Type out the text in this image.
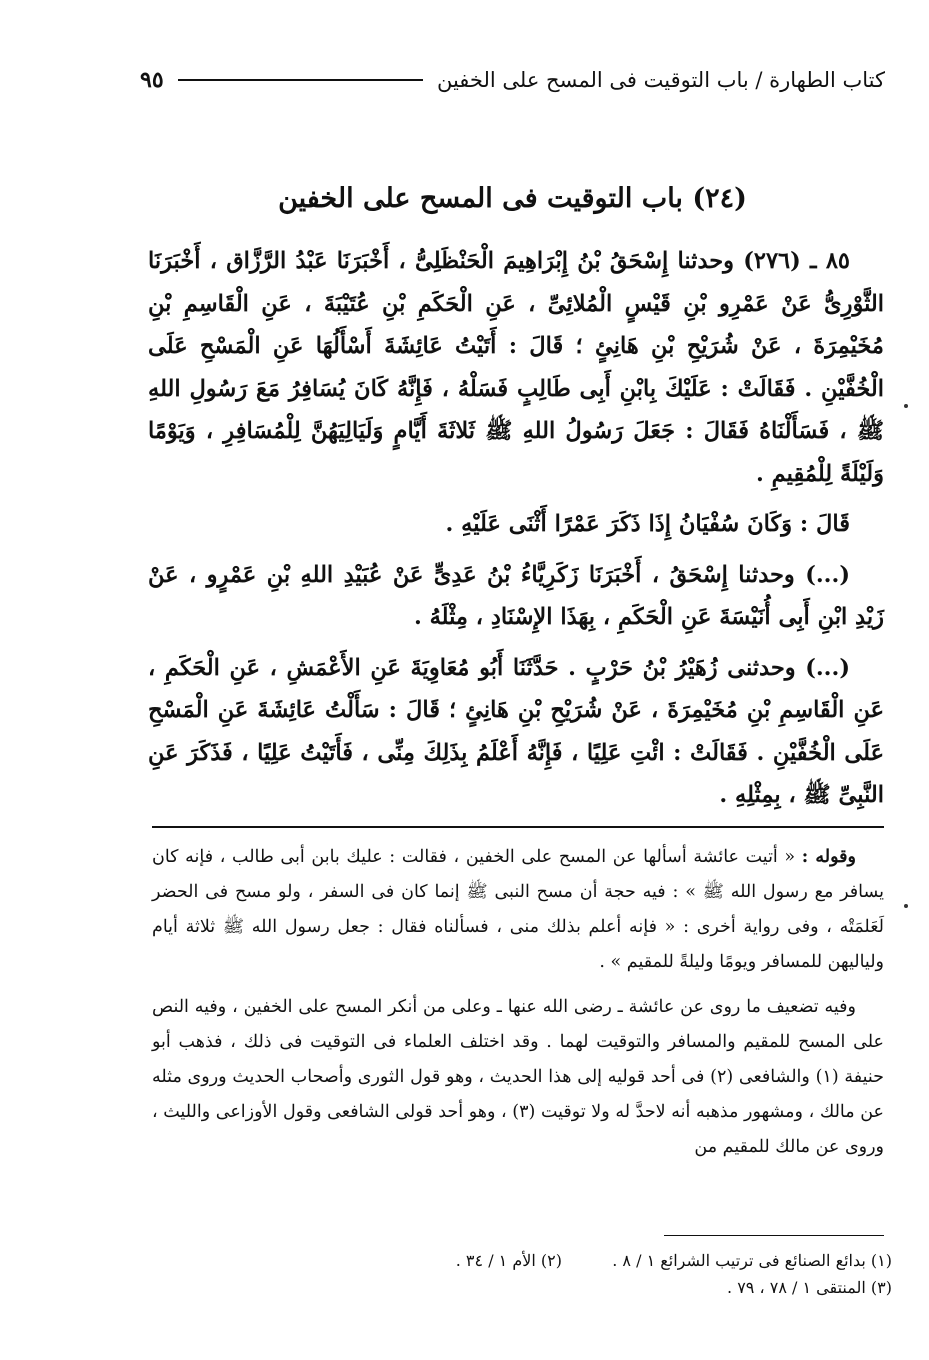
كتاب الطهارة / باب التوقيت فى المسح على الخفين
٩٥
(٢٤) باب التوقيت فى المسح على الخفين

٨٥ ـ (٢٧٦) وحدثنا إِسْحَقُ بْنُ إِبْرَاهِيمَ الْحَنْظَلِىُّ ، أَخْبَرَنَا عَبْدُ الرَّزَّاق ، أَخْبَرَنَا الثَّوْرِىُّ عَنْ عَمْرِو بْنِ قَيْسٍ الْمُلائِىِّ ، عَنِ الْحَكَمِ بْنِ عُتَيْبَةَ ، عَنِ الْقَاسِمِ بْنِ مُخَيْمِرَةَ ، عَنْ شُرَيْحِ بْنِ هَانِئٍ ؛ قَالَ : أَتَيْتُ عَائِشَةَ أَسْأَلُهَا عَنِ الْمَسْحِ عَلَى الْخُفَّيْنِ . فَقَالَتْ : عَلَيْكَ بِابْنِ أَبِى طَالِبٍ فَسَلْهُ ، فَإِنَّهُ كَانَ يُسَافِرُ مَعَ رَسُولِ اللهِ ﷺ ، فَسَأَلْنَاهُ فَقَالَ : جَعَلَ رَسُولُ اللهِ ﷺ ثَلاثَةَ أَيَّامٍ وَلَيَالِيَهُنَّ لِلْمُسَافِرِ ، وَيَوْمًا وَلَيْلَةً لِلْمُقِيمِ .

قَالَ : وَكَانَ سُفْيَانُ إِذَا ذَكَرَ عَمْرًا أَثْنَى عَلَيْهِ .

(...) وحدثنا إِسْحَقُ ، أَخْبَرَنَا زَكَرِيَّاءُ بْنُ عَدِىٍّ عَنْ عُبَيْدِ اللهِ بْنِ عَمْرٍو ، عَنْ زَيْدِ ابْنِ أَبِى أُنَيْسَةَ عَنِ الْحَكَمِ ، بِهَذَا الإِسْنَادِ ، مِثْلَهُ .

(...) وحدثنى زُهَيْرُ بْنُ حَرْبٍ . حَدَّثَنَا أَبُو مُعَاوِيَةَ عَنِ الأَعْمَشِ ، عَنِ الْحَكَمِ ، عَنِ الْقَاسِمِ بْنِ مُخَيْمِرَةَ ، عَنْ شُرَيْحِ بْنِ هَانِئٍ ؛ قَالَ : سَأَلْتُ عَائِشَةَ عَنِ الْمَسْحِ عَلَى الْخُفَّيْنِ . فَقَالَتْ : ائْتِ عَلِيًا ، فَإِنَّهُ أَعْلَمُ بِذَلِكَ مِنِّى ، فَأَتَيْتُ عَلِيًا ، فَذَكَرَ عَنِ النَّبِىِّ ﷺ ، بِمِثْلِهِ .

وقوله : « أتيت عائشة أسألها عن المسح على الخفين ، فقالت : عليك بابن أبى طالب ، فإنه كان يسافر مع رسول الله ﷺ » : فيه حجة أن مسح النبى ﷺ إنما كان فى السفر ، ولو مسح فى الحضر لَعَلمَتْه ، وفى رواية أخرى : « فإنه أعلم بذلك منى ، فسألناه فقال : جعل رسول الله ﷺ ثلاثة أيام ولياليهن للمسافر ويومًا وليلةً للمقيم » .

وفيه تضعيف ما روى عن عائشة ـ رضى الله عنها ـ وعلى من أنكر المسح على الخفين ، وفيه النص على المسح للمقيم والمسافر والتوقيت لهما . وقد اختلف العلماء فى التوقيت فى ذلك ، فذهب أبو حنيفة (١) والشافعى (٢) فى أحد قوليه إلى هذا الحديث ، وهو قول الثورى وأصحاب الحديث وروى مثله عن مالك ، ومشهور مذهبه أنه لاحدَّ له ولا توقيت (٣) ، وهو أحد قولى الشافعى وقول الأوزاعى والليث ، وروى عن مالك للمقيم من

(١) بدائع الصنائع فى ترتيب الشرائع ١ / ٨ .
(٢) الأم ١ / ٣٤ .
(٣) المنتقى ١ / ٧٨ ، ٧٩ .
